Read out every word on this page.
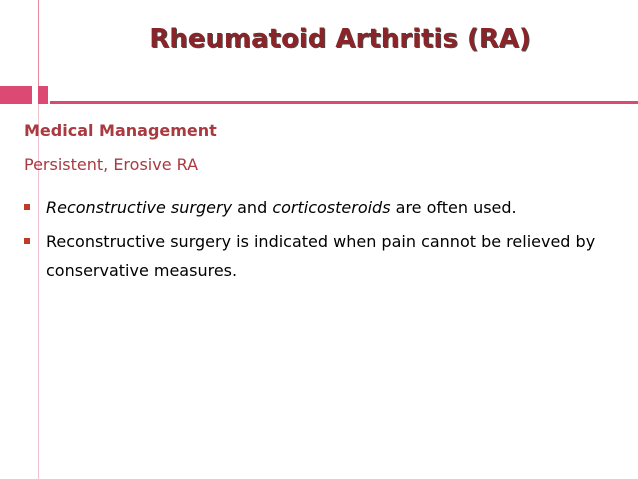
Rheumatoid Arthritis (RA)
Medical Management
Persistent, Erosive RA
Reconstructive surgery and corticosteroids are often used.
Reconstructive surgery is indicated when pain cannot be relieved by conservative measures.
